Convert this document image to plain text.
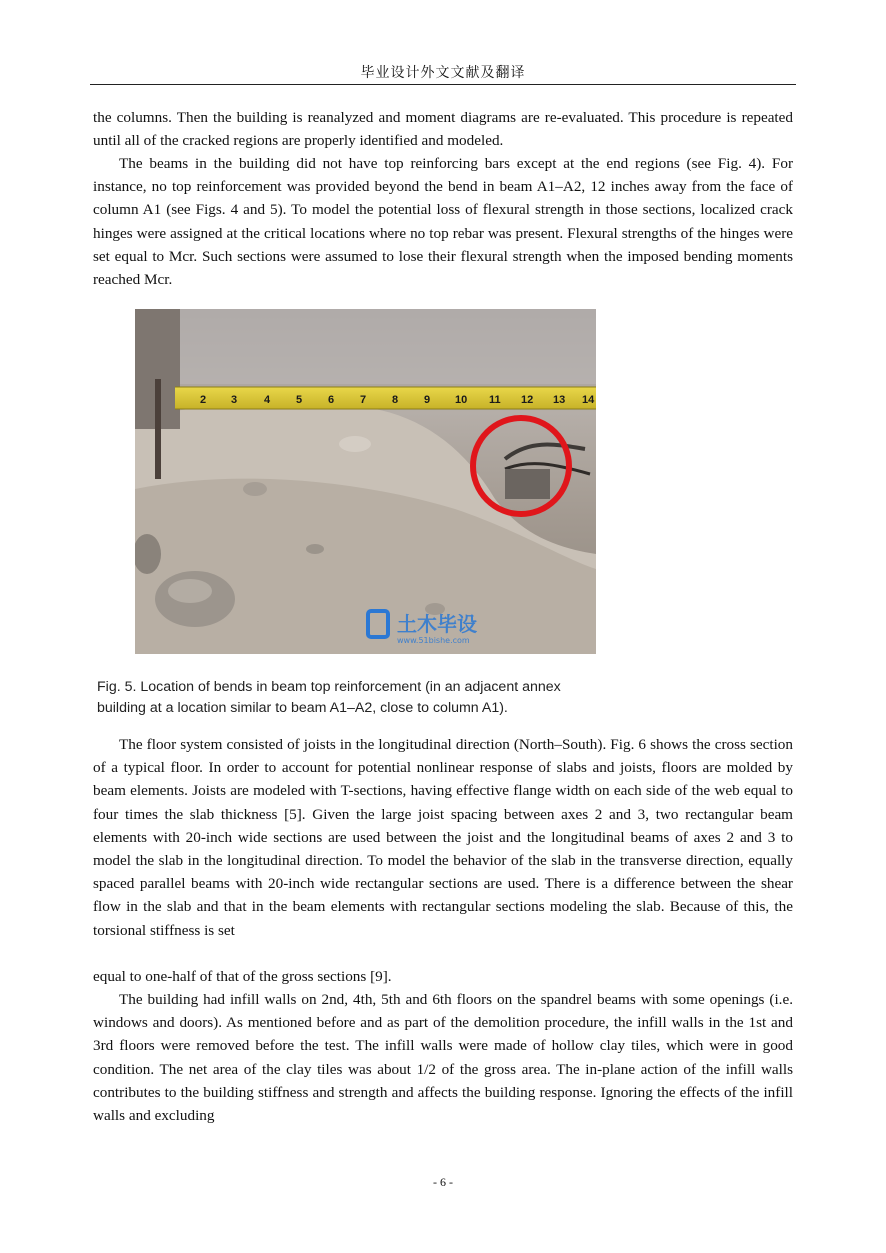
毕业设计外文文献及翻译

the columns. Then the building is reanalyzed and moment diagrams are re-evaluated. This procedure is repeated until all of the cracked regions are properly identified and modeled.

The beams in the building did not have top reinforcing bars except at the end regions (see Fig. 4). For instance, no top reinforcement was provided beyond the bend in beam A1–A2, 12 inches away from the face of column A1 (see Figs. 4 and 5). To model the potential loss of flexural strength in those sections, localized crack hinges were assigned at the critical locations where no top rebar was present. Flexural strengths of the hinges were set equal to Mcr. Such sections were assumed to lose their flexural strength when the imposed bending moments reached Mcr.

2 3 4 5 6 7 8 9 10 11 12 13 14
土木毕设
www.51bishe.com
Fig. 5. Location of bends in beam top reinforcement (in an adjacent annex
building at a location similar to beam A1–A2, close to column A1).

The floor system consisted of joists in the longitudinal direction (North–South). Fig. 6 shows the cross section of a typical floor. In order to account for potential nonlinear response of slabs and joists, floors are molded by beam elements. Joists are modeled with T-sections, having effective flange width on each side of the web equal to four times the slab thickness [5]. Given the large joist spacing between axes 2 and 3, two rectangular beam elements with 20-inch wide sections are used between the joist and the longitudinal beams of axes 2 and 3 to model the slab in the longitudinal direction. To model the behavior of the slab in the transverse direction, equally spaced parallel beams with 20-inch wide rectangular sections are used. There is a difference between the shear flow in the slab and that in the beam elements with rectangular sections modeling the slab. Because of this, the torsional stiffness is set

equal to one-half of that of the gross sections [9].

The building had infill walls on 2nd, 4th, 5th and 6th floors on the spandrel beams with some openings (i.e. windows and doors). As mentioned before and as part of the demolition procedure, the infill walls in the 1st and 3rd floors were removed before the test. The infill walls were made of hollow clay tiles, which were in good condition. The net area of the clay tiles was about 1/2 of the gross area. The in-plane action of the infill walls contributes to the building stiffness and strength and affects the building response. Ignoring the effects of the infill walls and excluding

- 6 -
